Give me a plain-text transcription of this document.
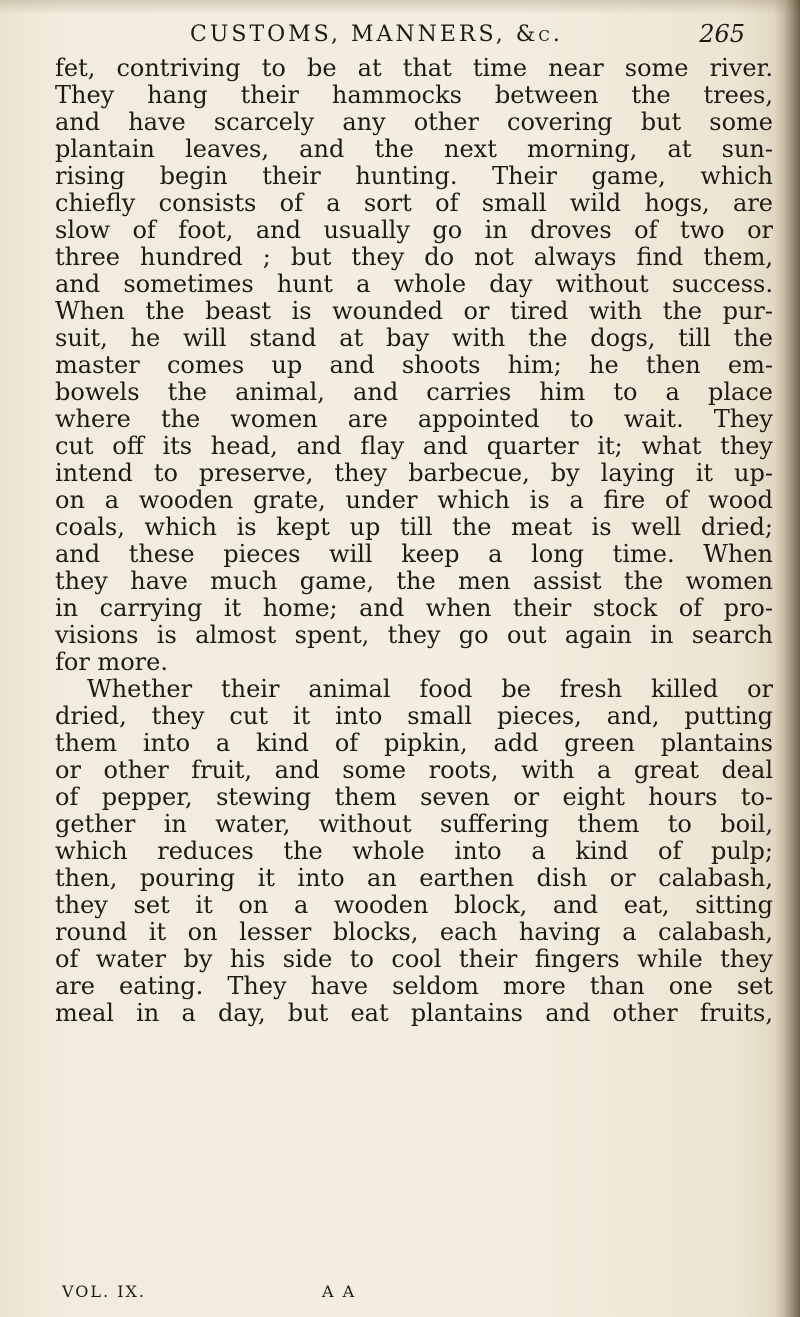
CUSTOMS, MANNERS, &c.	265
fet, contriving to be at that time near some river.
They hang their hammocks between the trees,
and have scarcely any other covering but some
plantain leaves, and the next morning, at sun-
rising begin their hunting. Their game, which
chiefly consists of a sort of small wild hogs, are
slow of foot, and usually go in droves of two or
three hundred ; but they do not always find them,
and sometimes hunt a whole day without success.
When the beast is wounded or tired with the pur-
suit, he will stand at bay with the dogs, till the
master comes up and shoots him; he then em-
bowels the animal, and carries him to a place
where the women are appointed to wait. They
cut off its head, and flay and quarter it; what they
intend to preserve, they barbecue, by laying it up-
on a wooden grate, under which is a fire of wood
coals, which is kept up till the meat is well dried;
and these pieces will keep a long time. When
they have much game, the men assist the women
in carrying it home; and when their stock of pro-
visions is almost spent, they go out again in search
for more.
Whether their animal food be fresh killed or
dried, they cut it into small pieces, and, putting
them into a kind of pipkin, add green plantains
or other fruit, and some roots, with a great deal
of pepper, stewing them seven or eight hours to-
gether in water, without suffering them to boil,
which reduces the whole into a kind of pulp;
then, pouring it into an earthen dish or calabash,
they set it on a wooden block, and eat, sitting
round it on lesser blocks, each having a calabash,
of water by his side to cool their fingers while they
are eating. They have seldom more than one set
meal in a day, but eat plantains and other fruits,
VOL. IX.	A A
